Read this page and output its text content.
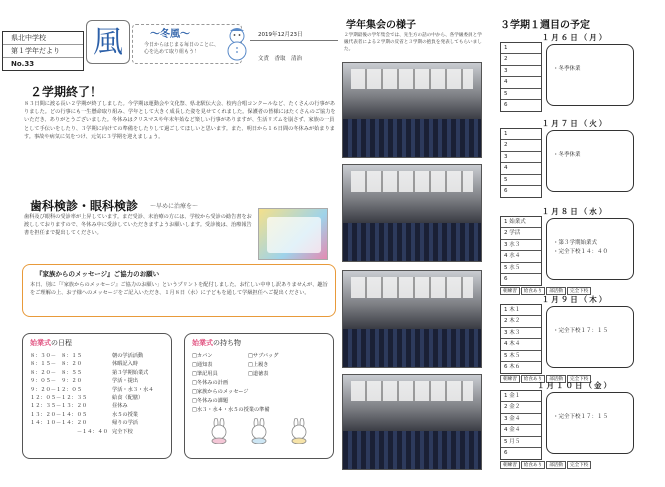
県北中学校
第１学年だより
No.33
風	～冬風～
今日からはじまる毎日のことに、心を込めて取り組もう！
2019年12月23日
文責　香取　清治
２学期終了！
８３日間に渡る長い２学期が終了しました。今学期は運動会や文化祭、県北駅伝大会、校内合唱コンクールなど、たくさんの行事がありました。どの行事にも一生懸命取り組み、学年として大きく成長した姿を見せてくれました。保護者の皆様にはたくさんのご協力をいただき、ありがとうございました。冬休みはクリスマスや年末年始など楽しい行事がありますが、生活リズムを崩さず、家族の一員として手伝いをしたり、３学期に向けての準備をしたりして過ごしてほしいと思います。また、明日から１６日間の冬休みが始まります。事故や病気に気をつけ、元気に３学期を迎えましょう。
歯科検診・眼科検診 ～早めに治療を～
歯科及び眼科の受診率が上昇しています。まだ受診、未治療の方には、学校から受診の勧告書をお渡ししておりますので、冬休み中に受診していただきますようお願いします。受診後は、治療報告書を担任まで提出してください。
『家族からのメッセージ』ご協力のお願い
本日、別に「『家族からのメッセージ』ご協力のお願い」というプリントを配付しました。お忙しい中申し訳ありませんが、趣旨をご理解の上、お子様へのメッセージをご記入いただき、１月８日（水）に子どもを通して学級担任へご提出ください。
始業式の日程
８：３０－　８：１５	朝の学活活動
８：１５－　８：２０	休暇記入時
８：２０－　８：５５	第３学期始業式
９：０５－　９：２０	学活・提出
９：２０－１２：０５	学活・水３・水４
１２：０５－１２：３５	給食（配膳）
１２：３５－１３：２０	昼休み
１３：２０－１４：０５	水５の授業
１４：１０－１４：２０	帰りの学活
－１４：４０ 完全下校
始業式の持ち物
□カバン	□サブバッグ
□通知表	□上履き
□筆記用具	□道徳表
□冬休みの計画
□家族からのメッセージ
□冬休みの課題
□水３・水４・水５の授業の準備
学年集会の様子
２学期最後の学年集会では、先生方の話の中から、各学級委員と学級代表者による２学期の反省と３学期の抱負を発表してもらいました。
３学期１週目の予定
１月６日（月）
1
2
3
4
5
6
・冬季休業
１月７日（火）
1
2
3
4
5
6
・冬季休業
１月８日（水）
1 始業式
2 学活
3 水３
4 水４
5 水５
6
・第３学期始業式
・完全下校１４：４０
朝練習 給食あり 部活動 完全下校
１月９日（木）
1 木１
2 木２
3 木３
4 木４
5 木５
6 木６
・完全下校１７：１５
朝練習 給食あり 部活動 完全下校
１月１０日（金）
1 金１
2 金２
3 金４
4 金４
5 月５
6
・完全下校１７：１５
朝練習 給食あり 部活動 完全下校
